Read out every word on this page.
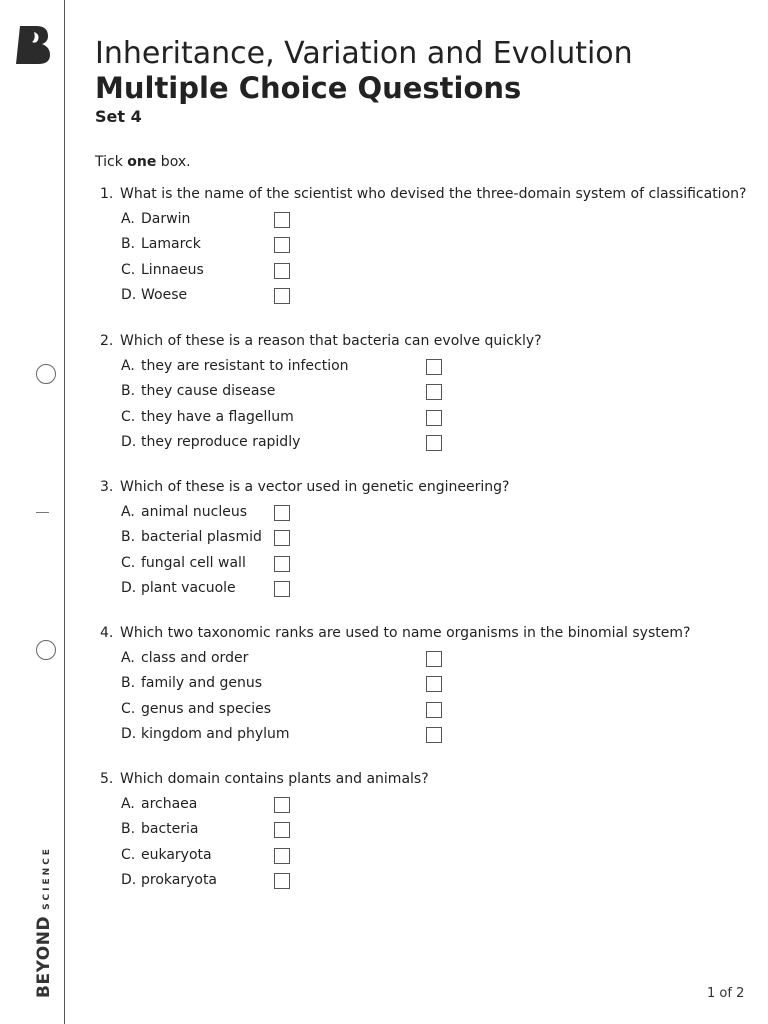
BEYONDSCIENCE
Inheritance, Variation and Evolution
Multiple Choice Questions
Set 4
Tick one box.
1. What is the name of the scientist who devised the three-domain system of classification?
A. Darwin
B. Lamarck
C. Linnaeus
D. Woese
2. Which of these is a reason that bacteria can evolve quickly?
A. they are resistant to infection
B. they cause disease
C. they have a flagellum
D. they reproduce rapidly
3. Which of these is a vector used in genetic engineering?
A. animal nucleus
B. bacterial plasmid
C. fungal cell wall
D. plant vacuole
4. Which two taxonomic ranks are used to name organisms in the binomial system?
A. class and order
B. family and genus
C. genus and species
D. kingdom and phylum
5. Which domain contains plants and animals?
A. archaea
B. bacteria
C. eukaryota
D. prokaryota
1 of 2
